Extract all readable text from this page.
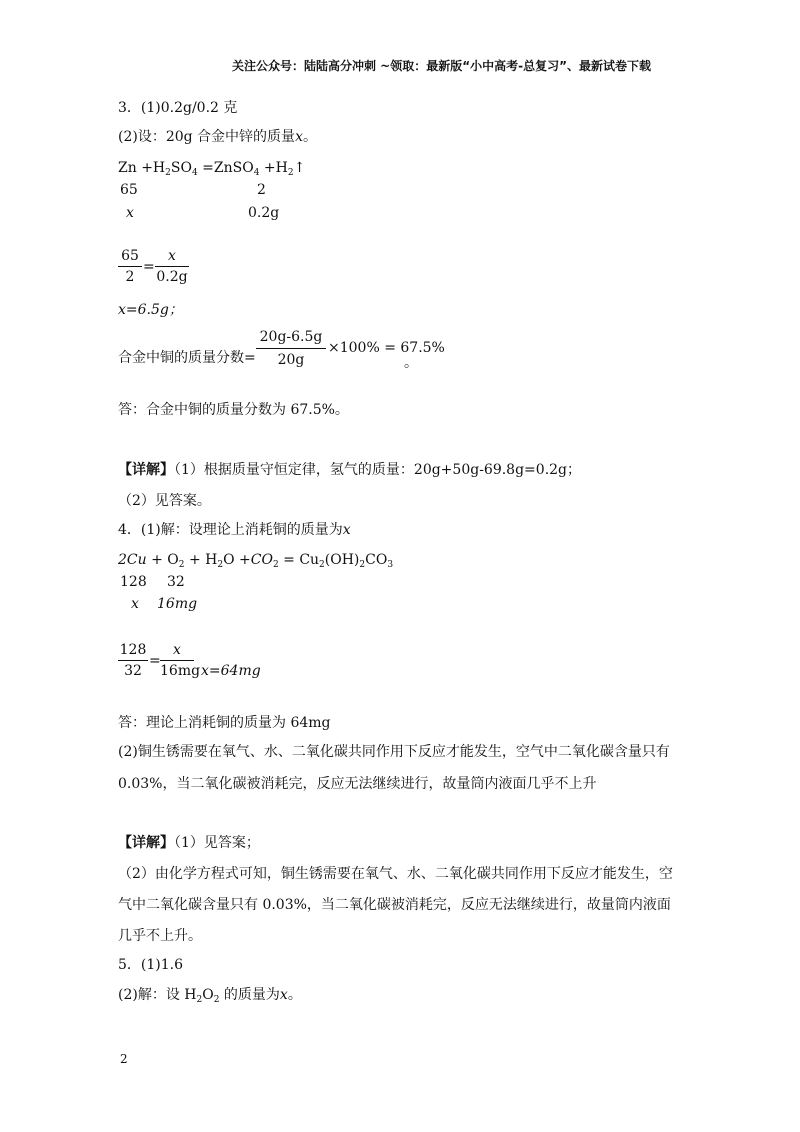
关注公众号：陆陆高分冲刺 ~领取：最新版“小中高考-总复习”、最新试卷下载
3．(1)0.2g/0.2 克
(2)设：20g 合金中锌的质量x。
$Zn +H_2SO_4$ =ZnSO$_4$ $+H_2↑$
65	2
x	0.2g
65
2
=
x
0.2g
x=6.5g；
合金中铜的质量分数=
20g-6.5g
20g
×100% = 67.5%
。
答：合金中铜的质量分数为 67.5%。
【详解】（1）根据质量守恒定律，氢气的质量：20g+50g-69.8g=0.2g；
（2）见答案。
4．(1)解：设理论上消耗铜的质量为x
$2Cu + O_2 + H_2O +CO_2 = Cu_2(OH)_2CO_3$
128 32
x 16mg
128
32
=
x
16mg x=64mg
答：理论上消耗铜的质量为 64mg
(2)铜生锈需要在氧气、水、二氧化碳共同作用下反应才能发生，空气中二氧化碳含量只有
0.03%，当二氧化碳被消耗完，反应无法继续进行，故量筒内液面几乎不上升
【详解】（1）见答案；
（2）由化学方程式可知，铜生锈需要在氧气、水、二氧化碳共同作用下反应才能发生，空
气中二氧化碳含量只有 0.03%，当二氧化碳被消耗完，反应无法继续进行，故量筒内液面
几乎不上升。
5．(1)1.6
(2)解：设 $H_2O_2$ 的质量为x。
2
